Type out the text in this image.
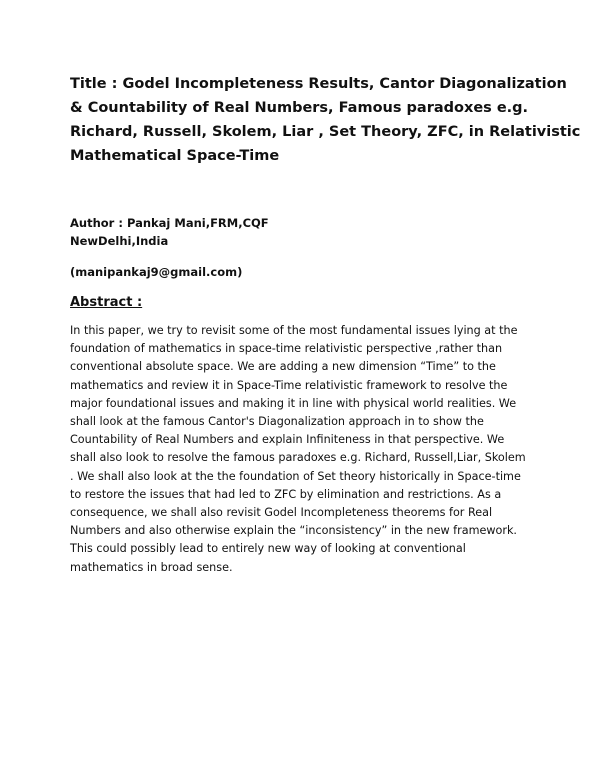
Title : Godel Incompleteness Results, Cantor Diagonalization
& Countability of Real Numbers, Famous paradoxes e.g.
Richard, Russell, Skolem, Liar , Set Theory, ZFC, in Relativistic
Mathematical Space-Time
Author : Pankaj Mani,FRM,CQF
NewDelhi,India
(manipankaj9@gmail.com)
Abstract :
In this paper, we try to revisit some of the most fundamental issues lying at the
foundation of mathematics in space-time relativistic perspective ,rather than
conventional absolute space. We are adding a new dimension “Time” to the
mathematics and review it in Space-Time relativistic framework to resolve the
major foundational issues and making it in line with physical world realities. We
shall look at the famous Cantor's Diagonalization approach in to show the
Countability of Real Numbers and explain Infiniteness in that perspective. We
shall also look to resolve the famous paradoxes e.g. Richard, Russell,Liar, Skolem
. We shall also look at the the foundation of Set theory historically in Space-time
to restore the issues that had led to ZFC by elimination and restrictions. As a
consequence, we shall also revisit Godel Incompleteness theorems for Real
Numbers and also otherwise explain the “inconsistency” in the new framework.
This could possibly lead to entirely new way of looking at conventional
mathematics in broad sense.
